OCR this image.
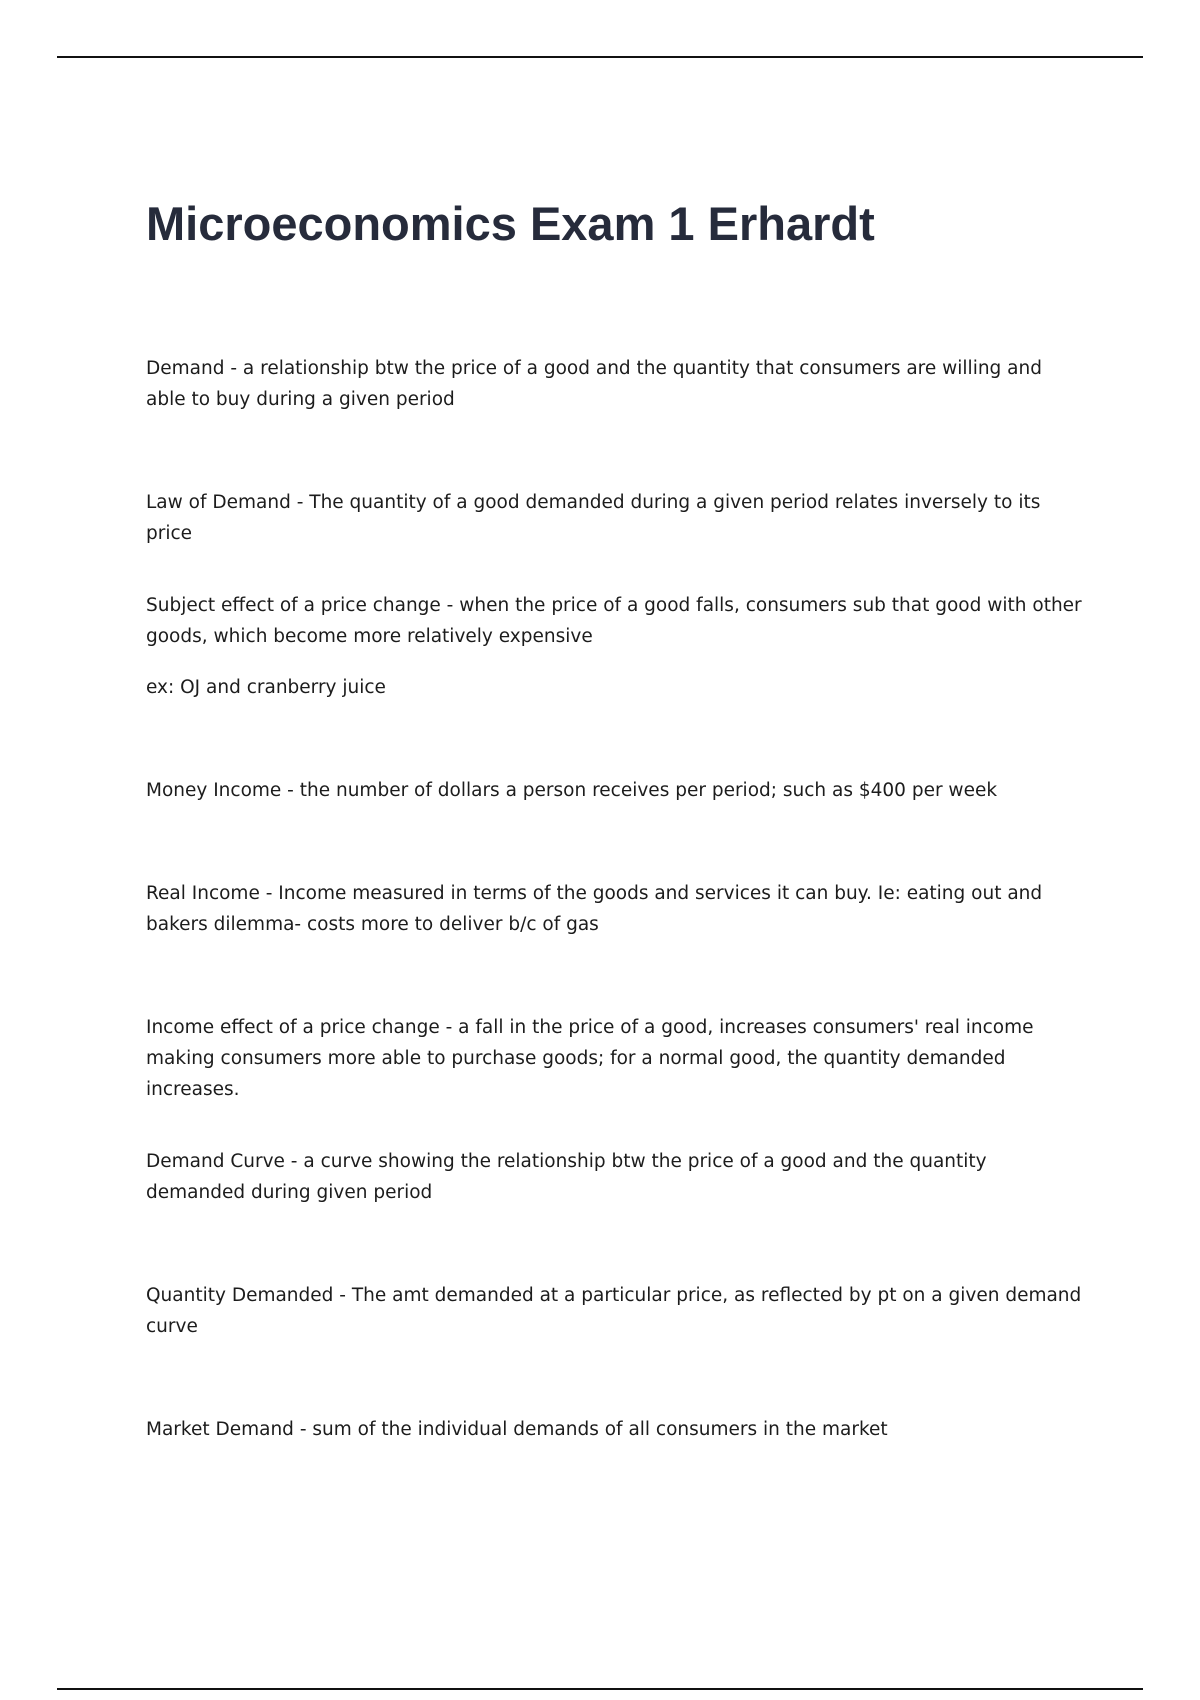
Microeconomics Exam 1 Erhardt

Demand - a relationship btw the price of a good and the quantity that consumers are willing and able to buy during a given period

Law of Demand - The quantity of a good demanded during a given period relates inversely to its price

Subject effect of a price change - when the price of a good falls, consumers sub that good with other goods, which become more relatively expensive

ex: OJ and cranberry juice

Money Income - the number of dollars a person receives per period; such as $400 per week

Real Income - Income measured in terms of the goods and services it can buy. Ie: eating out and bakers dilemma- costs more to deliver b/c of gas

Income effect of a price change - a fall in the price of a good, increases consumers' real income making consumers more able to purchase goods; for a normal good, the quantity demanded increases.

Demand Curve - a curve showing the relationship btw the price of a good and the quantity demanded during given period

Quantity Demanded - The amt demanded at a particular price, as reflected by pt on a given demand curve

Market Demand - sum of the individual demands of all consumers in the market
